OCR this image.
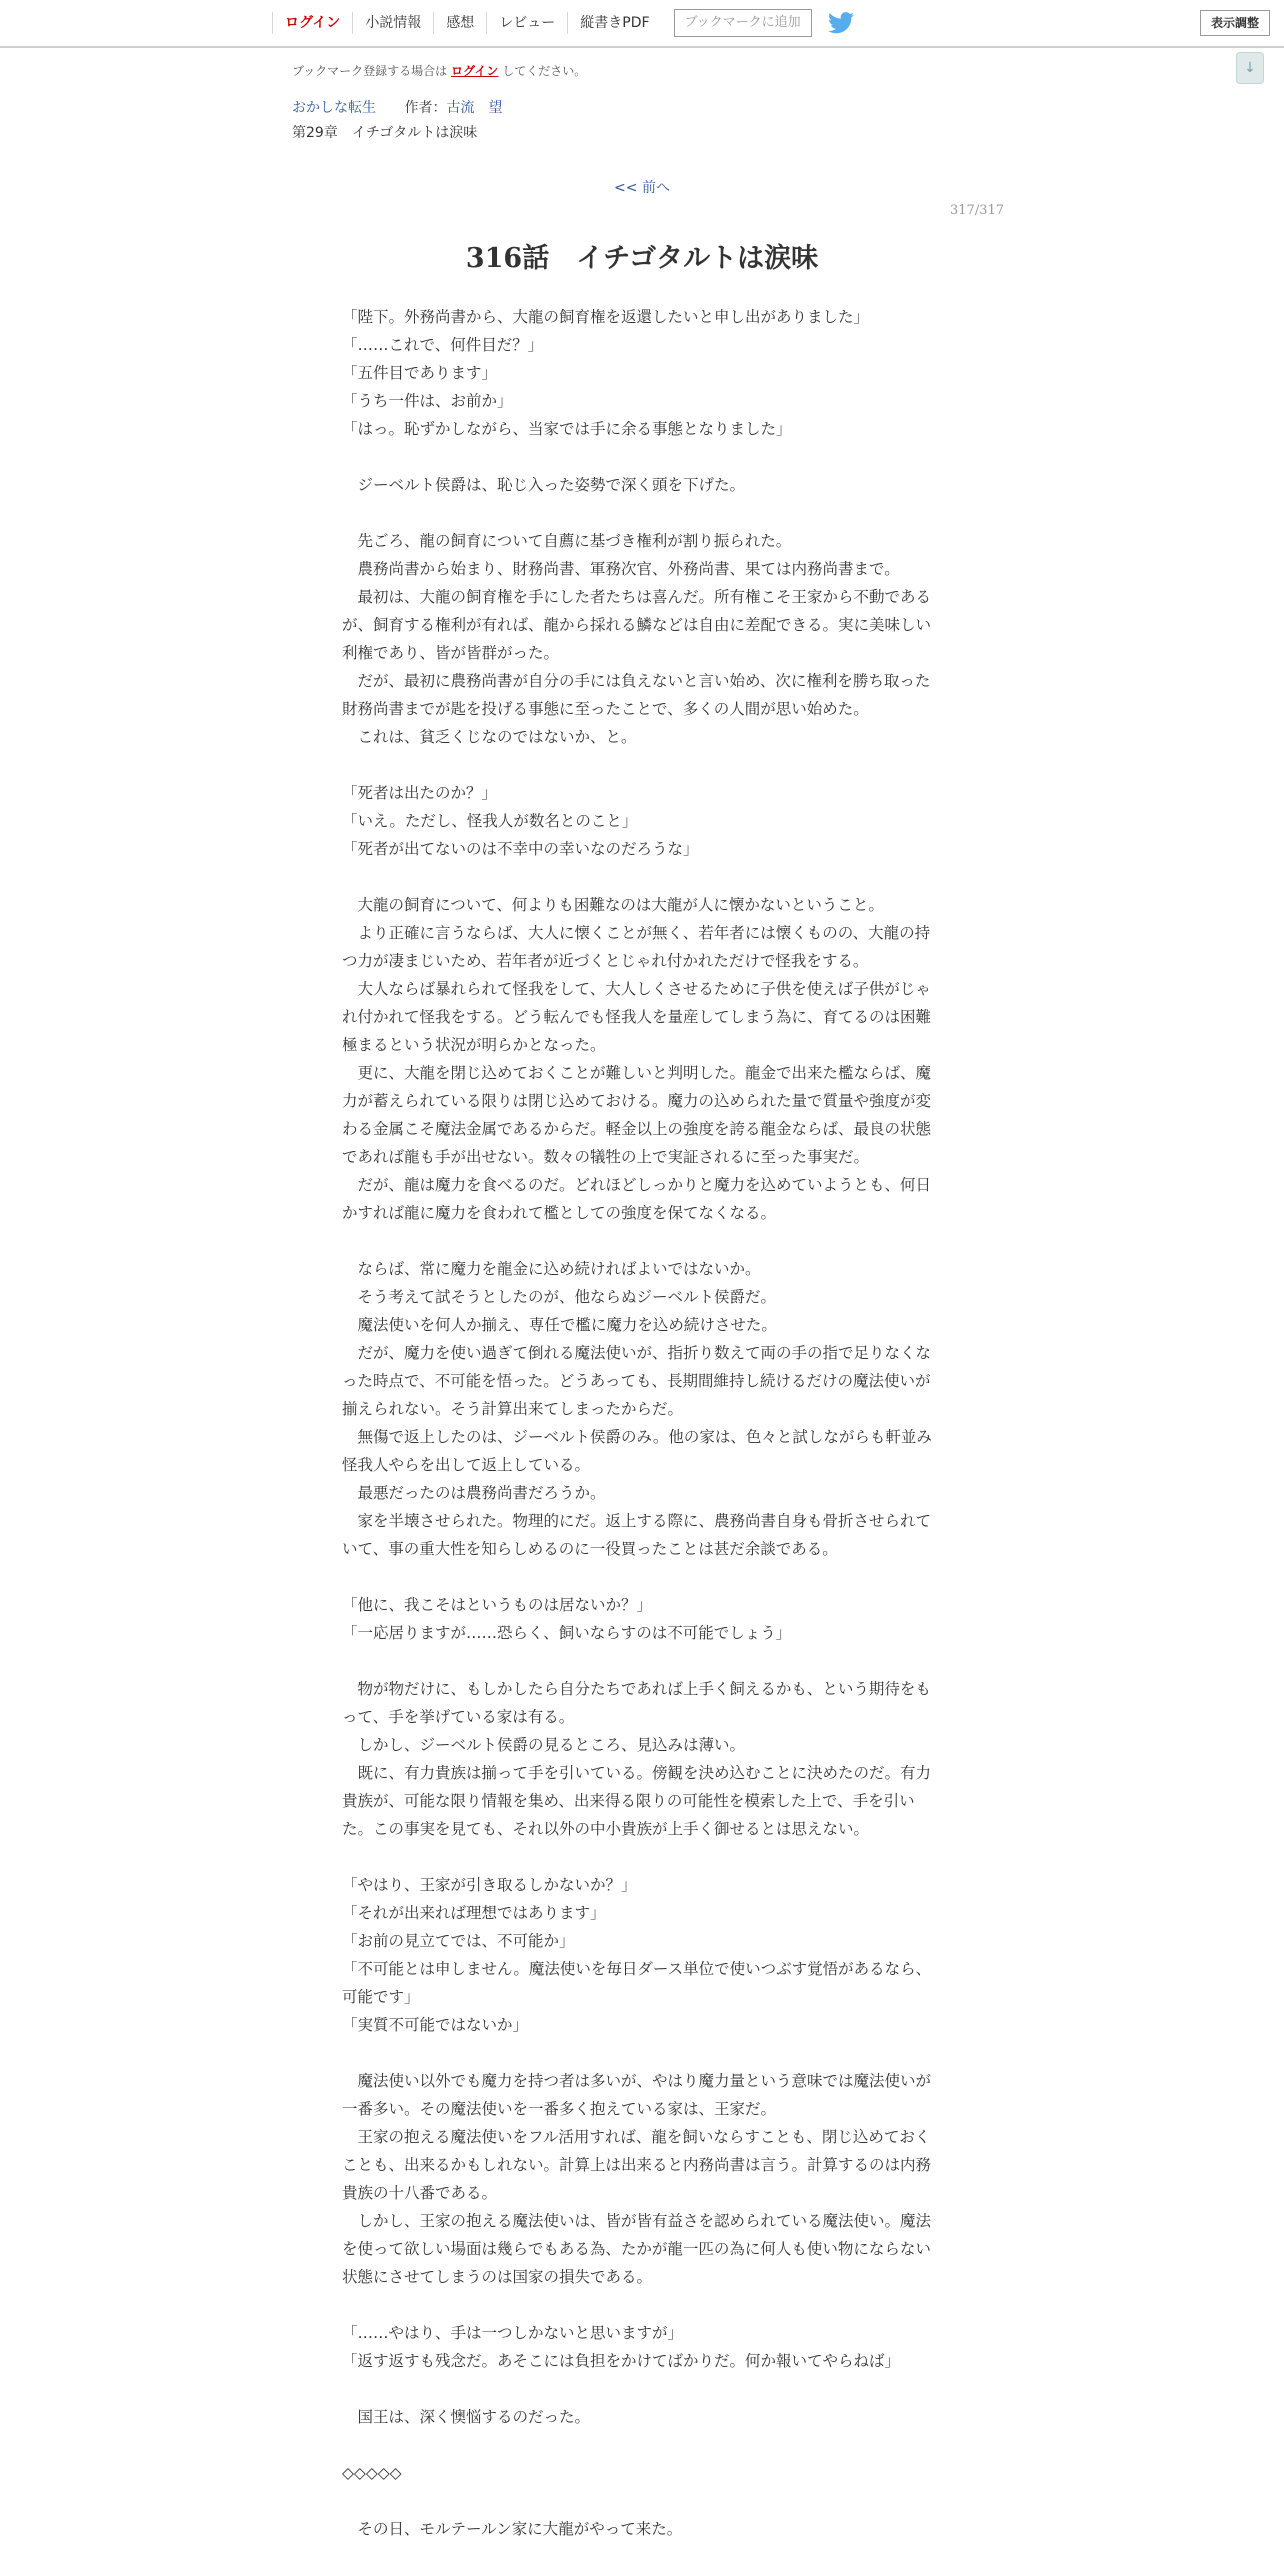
ログイン	小説情報	感想	レビュー	縦書きPDF	ブックマークに追加	表示調整
↓
ブックマーク登録する場合は ログイン してください。
おかしな転生 作者：古流　望
第29章　イチゴタルトは涙味
<< 前へ
317/317
316話　イチゴタルトは涙味

「陛下。外務尚書から、大龍の飼育権を返還したいと申し出がありました」

「……これで、何件目だ？」

「五件目であります」

「うち一件は、お前か」

「はっ。恥ずかしながら、当家では手に余る事態となりました」

　ジーベルト侯爵は、恥じ入った姿勢で深く頭を下げた。

　先ごろ、龍の飼育について自薦に基づき権利が割り振られた。

　農務尚書から始まり、財務尚書、軍務次官、外務尚書、果ては内務尚書まで。

　最初は、大龍の飼育権を手にした者たちは喜んだ。所有権こそ王家から不動であるが、飼育する権利が有れば、龍から採れる鱗などは自由に差配できる。実に美味しい利権であり、皆が皆群がった。

　だが、最初に農務尚書が自分の手には負えないと言い始め、次に権利を勝ち取った財務尚書までが匙を投げる事態に至ったことで、多くの人間が思い始めた。

　これは、貧乏くじなのではないか、と。

「死者は出たのか？」

「いえ。ただし、怪我人が数名とのこと」

「死者が出てないのは不幸中の幸いなのだろうな」

　大龍の飼育について、何よりも困難なのは大龍が人に懐かないということ。

　より正確に言うならば、大人に懐くことが無く、若年者には懐くものの、大龍の持つ力が凄まじいため、若年者が近づくとじゃれ付かれただけで怪我をする。

　大人ならば暴れられて怪我をして、大人しくさせるために子供を使えば子供がじゃれ付かれて怪我をする。どう転んでも怪我人を量産してしまう為に、育てるのは困難極まるという状況が明らかとなった。

　更に、大龍を閉じ込めておくことが難しいと判明した。龍金で出来た檻ならば、魔力が蓄えられている限りは閉じ込めておける。魔力の込められた量で質量や強度が変わる金属こそ魔法金属であるからだ。軽金以上の強度を誇る龍金ならば、最良の状態であれば龍も手が出せない。数々の犠牲の上で実証されるに至った事実だ。

　だが、龍は魔力を食べるのだ。どれほどしっかりと魔力を込めていようとも、何日かすれば龍に魔力を食われて檻としての強度を保てなくなる。

　ならば、常に魔力を龍金に込め続ければよいではないか。

　そう考えて試そうとしたのが、他ならぬジーベルト侯爵だ。

　魔法使いを何人か揃え、専任で檻に魔力を込め続けさせた。

　だが、魔力を使い過ぎて倒れる魔法使いが、指折り数えて両の手の指で足りなくなった時点で、不可能を悟った。どうあっても、長期間維持し続けるだけの魔法使いが揃えられない。そう計算出来てしまったからだ。

　無傷で返上したのは、ジーベルト侯爵のみ。他の家は、色々と試しながらも軒並み怪我人やらを出して返上している。

　最悪だったのは農務尚書だろうか。

　家を半壊させられた。物理的にだ。返上する際に、農務尚書自身も骨折させられていて、事の重大性を知らしめるのに一役買ったことは甚だ余談である。

「他に、我こそはというものは居ないか？」

「一応居りますが……恐らく、飼いならすのは不可能でしょう」

　物が物だけに、もしかしたら自分たちであれば上手く飼えるかも、という期待をもって、手を挙げている家は有る。

　しかし、ジーベルト侯爵の見るところ、見込みは薄い。

　既に、有力貴族は揃って手を引いている。傍観を決め込むことに決めたのだ。有力貴族が、可能な限り情報を集め、出来得る限りの可能性を模索した上で、手を引いた。この事実を見ても、それ以外の中小貴族が上手く御せるとは思えない。

「やはり、王家が引き取るしかないか？」

「それが出来れば理想ではあります」

「お前の見立てでは、不可能か」

「不可能とは申しません。魔法使いを毎日ダース単位で使いつぶす覚悟があるなら、可能です」

「実質不可能ではないか」

　魔法使い以外でも魔力を持つ者は多いが、やはり魔力量という意味では魔法使いが一番多い。その魔法使いを一番多く抱えている家は、王家だ。

　王家の抱える魔法使いをフル活用すれば、龍を飼いならすことも、閉じ込めておくことも、出来るかもしれない。計算上は出来ると内務尚書は言う。計算するのは内務貴族の十八番である。

　しかし、王家の抱える魔法使いは、皆が皆有益さを認められている魔法使い。魔法を使って欲しい場面は幾らでもある為、たかが龍一匹の為に何人も使い物にならない状態にさせてしまうのは国家の損失である。

「……やはり、手は一つしかないと思いますが」

「返す返すも残念だ。あそこには負担をかけてばかりだ。何か報いてやらねば」

　国王は、深く懊悩するのだった。

◇◇◇◇◇

　その日、モルテールン家に大龍がやって来た。
